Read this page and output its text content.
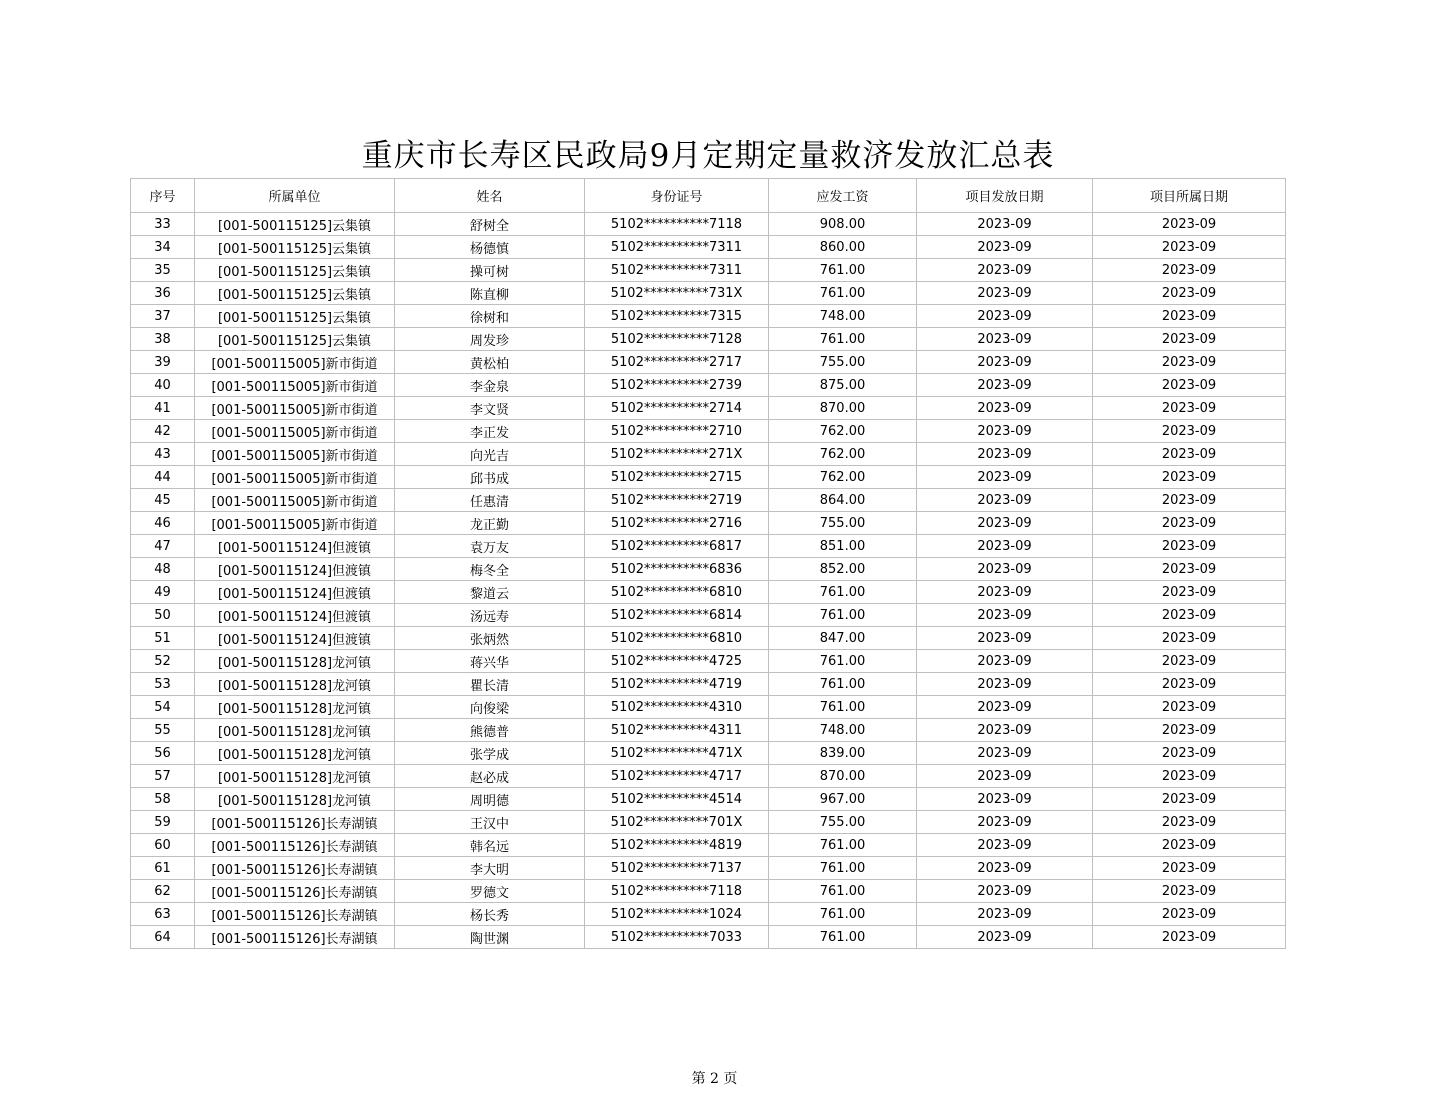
重庆市长寿区民政局9月定期定量救济发放汇总表
序号	所属单位	姓名	身份证号	应发工资	项目发放日期	项目所属日期
33	[001-500115125]云集镇	舒树全	5102**********7118	908.00	2023-09	2023-09
34	[001-500115125]云集镇	杨德慎	5102**********7311	860.00	2023-09	2023-09
35	[001-500115125]云集镇	操可树	5102**********7311	761.00	2023-09	2023-09
36	[001-500115125]云集镇	陈直柳	5102**********731X	761.00	2023-09	2023-09
37	[001-500115125]云集镇	徐树和	5102**********7315	748.00	2023-09	2023-09
38	[001-500115125]云集镇	周发珍	5102**********7128	761.00	2023-09	2023-09
39	[001-500115005]新市街道	黄松柏	5102**********2717	755.00	2023-09	2023-09
40	[001-500115005]新市街道	李金泉	5102**********2739	875.00	2023-09	2023-09
41	[001-500115005]新市街道	李文贤	5102**********2714	870.00	2023-09	2023-09
42	[001-500115005]新市街道	李正发	5102**********2710	762.00	2023-09	2023-09
43	[001-500115005]新市街道	向光吉	5102**********271X	762.00	2023-09	2023-09
44	[001-500115005]新市街道	邱书成	5102**********2715	762.00	2023-09	2023-09
45	[001-500115005]新市街道	任惠清	5102**********2719	864.00	2023-09	2023-09
46	[001-500115005]新市街道	龙正勤	5102**********2716	755.00	2023-09	2023-09
47	[001-500115124]但渡镇	袁万友	5102**********6817	851.00	2023-09	2023-09
48	[001-500115124]但渡镇	梅冬全	5102**********6836	852.00	2023-09	2023-09
49	[001-500115124]但渡镇	黎道云	5102**********6810	761.00	2023-09	2023-09
50	[001-500115124]但渡镇	汤远寿	5102**********6814	761.00	2023-09	2023-09
51	[001-500115124]但渡镇	张炳然	5102**********6810	847.00	2023-09	2023-09
52	[001-500115128]龙河镇	蒋兴华	5102**********4725	761.00	2023-09	2023-09
53	[001-500115128]龙河镇	瞿长清	5102**********4719	761.00	2023-09	2023-09
54	[001-500115128]龙河镇	向俊梁	5102**********4310	761.00	2023-09	2023-09
55	[001-500115128]龙河镇	熊德普	5102**********4311	748.00	2023-09	2023-09
56	[001-500115128]龙河镇	张学成	5102**********471X	839.00	2023-09	2023-09
57	[001-500115128]龙河镇	赵必成	5102**********4717	870.00	2023-09	2023-09
58	[001-500115128]龙河镇	周明德	5102**********4514	967.00	2023-09	2023-09
59	[001-500115126]长寿湖镇	王汉中	5102**********701X	755.00	2023-09	2023-09
60	[001-500115126]长寿湖镇	韩名远	5102**********4819	761.00	2023-09	2023-09
61	[001-500115126]长寿湖镇	李大明	5102**********7137	761.00	2023-09	2023-09
62	[001-500115126]长寿湖镇	罗德文	5102**********7118	761.00	2023-09	2023-09
63	[001-500115126]长寿湖镇	杨长秀	5102**********1024	761.00	2023-09	2023-09
64	[001-500115126]长寿湖镇	陶世渊	5102**********7033	761.00	2023-09	2023-09
第 2 页
